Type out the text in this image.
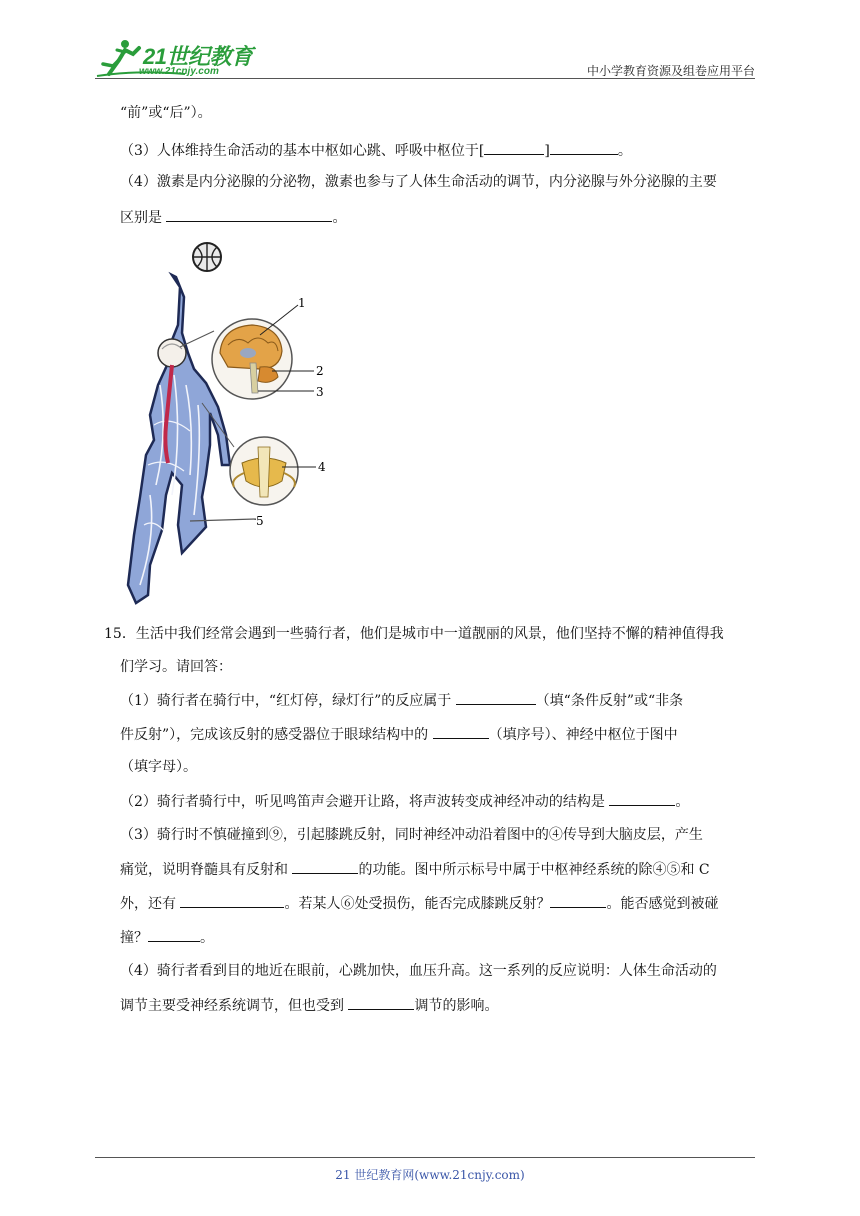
21世纪教育
www.21cnjy.com	中小学教育资源及组卷应用平台
“前”或“后”）。
（3）人体维持生命活动的基本中枢如心跳、呼吸中枢位于[	]	。
（4）激素是内分泌腺的分泌物，激素也参与了人体生命活动的调节，内分泌腺与外分泌腺的主要
区别是	。
1
2
3
4
5
15．生活中我们经常会遇到一些骑行者，他们是城市中一道靓丽的风景，他们坚持不懈的精神值得我
们学习。请回答：
（1）骑行者在骑行中，“红灯停，绿灯行”的反应属于	（填“条件反射”或“非条
件反射”），完成该反射的感受器位于眼球结构中的	（填序号）、神经中枢位于图中
（填字母）。
（2）骑行者骑行中，听见鸣笛声会避开让路，将声波转变成神经冲动的结构是	。
（3）骑行时不慎碰撞到⑨，引起膝跳反射，同时神经冲动沿着图中的④传导到大脑皮层，产生
痛觉，说明脊髓具有反射和	的功能。图中所示标号中属于中枢神经系统的除④⑤和 C
外，还有	。若某人⑥处受损伤，能否完成膝跳反射？	。能否感觉到被碰
撞？	。
（4）骑行者看到目的地近在眼前，心跳加快，血压升高。这一系列的反应说明：人体生命活动的
调节主要受神经系统调节，但也受到	调节的影响。
21 世纪教育网(www.21cnjy.com)
